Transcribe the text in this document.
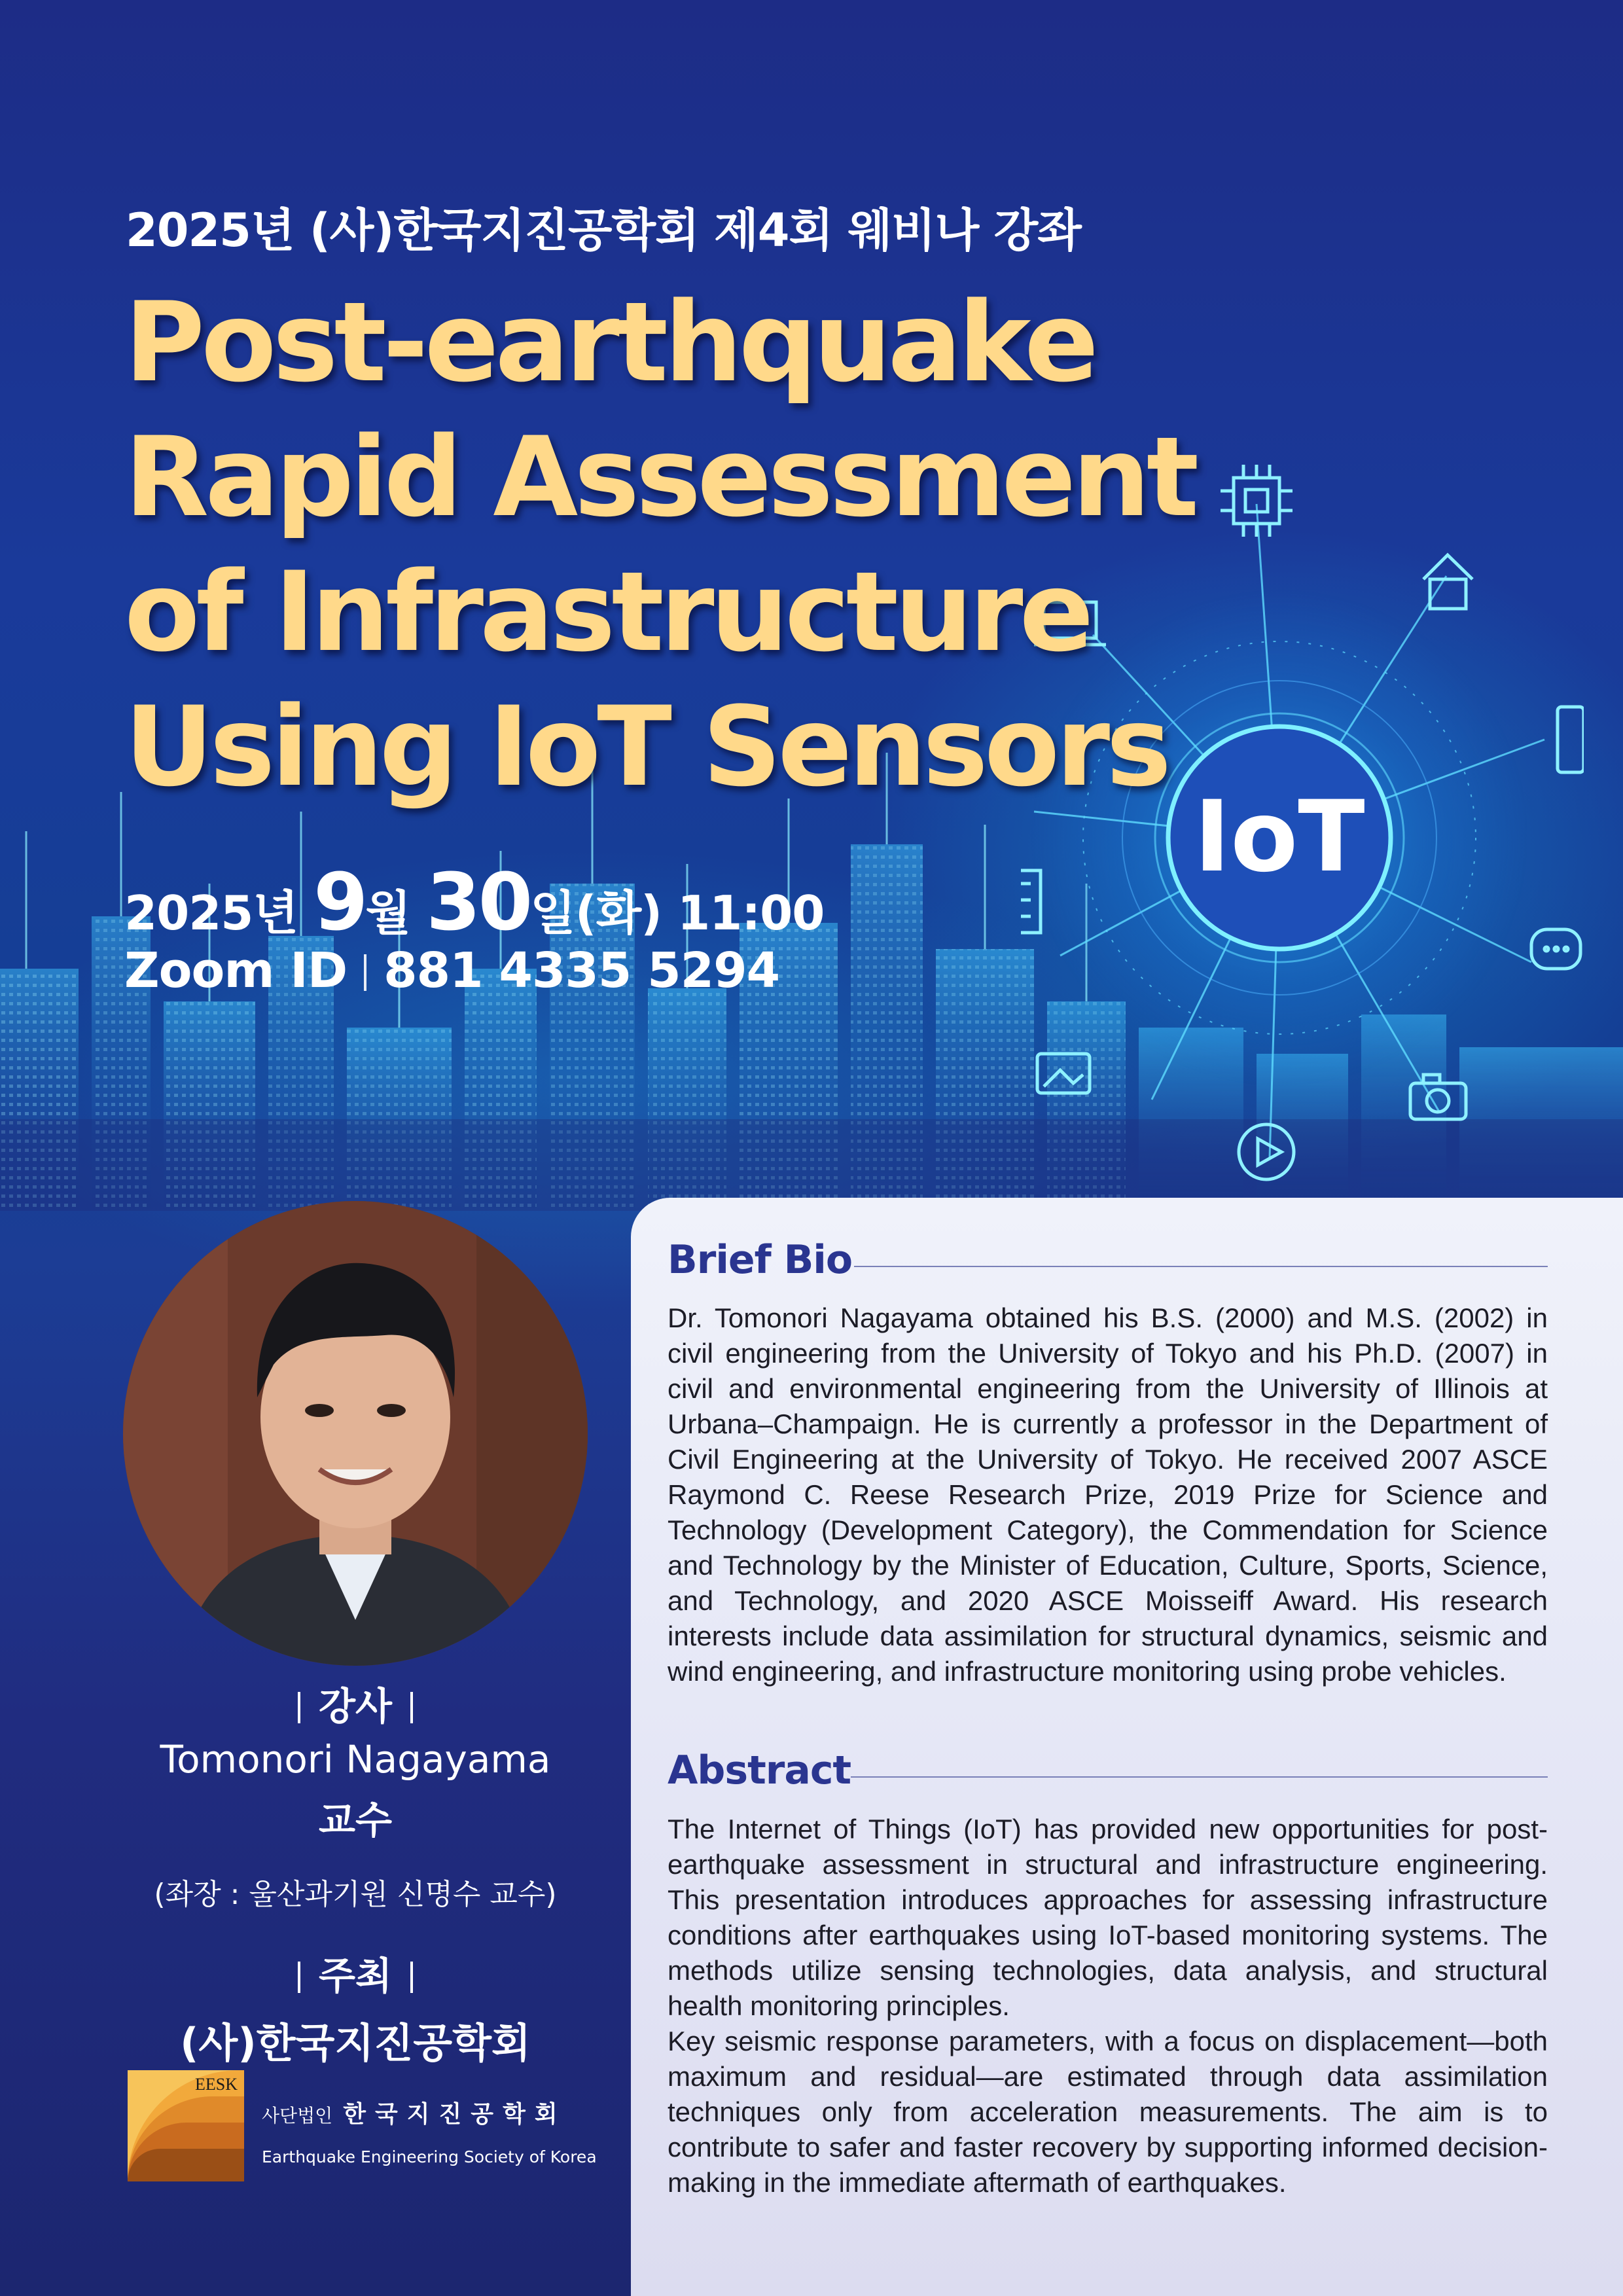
IoT

2025년 (사)한국지진공학회 제4회 웨비나 강좌

Post-earthquake
Rapid Assessment
of Infrastructure
Using IoT Sensors

2025년 9월 30일(화) 11:00

Zoom ID 881 4335 5294

강사

Tomonori Nagayama

교수

(좌장 : 울산과기원 신명수 교수)

주최

(사)한국지진공학회

EESK

사단법인 한국지진공학회

Earthquake Engineering Society of Korea

Brief Bio

Dr. Tomonori Nagayama obtained his B.S. (2000) and M.S. (2002) in civil engineering from the University of Tokyo and his Ph.D. (2007) in civil and environmental engineering from the University of Illinois at Urbana–Champaign. He is currently a professor in the Department of Civil Engineering at the University of Tokyo. He received 2007 ASCE Raymond C. Reese Research Prize, 2019 Prize for Science and Technology (Development Category), the Commendation for Science and Technology by the Minister of Education, Culture, Sports, Science, and Technology, and 2020 ASCE Moisseiff Award. His research interests include data assimilation for structural dynamics, seismic and wind engineering, and infrastructure monitoring using probe vehicles.

Abstract

The Internet of Things (IoT) has provided new opportunities for post-earthquake assessment in structural and infrastructure engineering. This presentation introduces approaches for assessing infrastructure conditions after earthquakes using IoT-based monitoring systems. The methods utilize sensing technologies, data analysis, and structural health monitoring principles.

Key seismic response parameters, with a focus on displacement—both maximum and residual—are estimated through data assimilation techniques only from acceleration measurements. The aim is to contribute to safer and faster recovery by supporting informed decision-making in the immediate aftermath of earthquakes.
